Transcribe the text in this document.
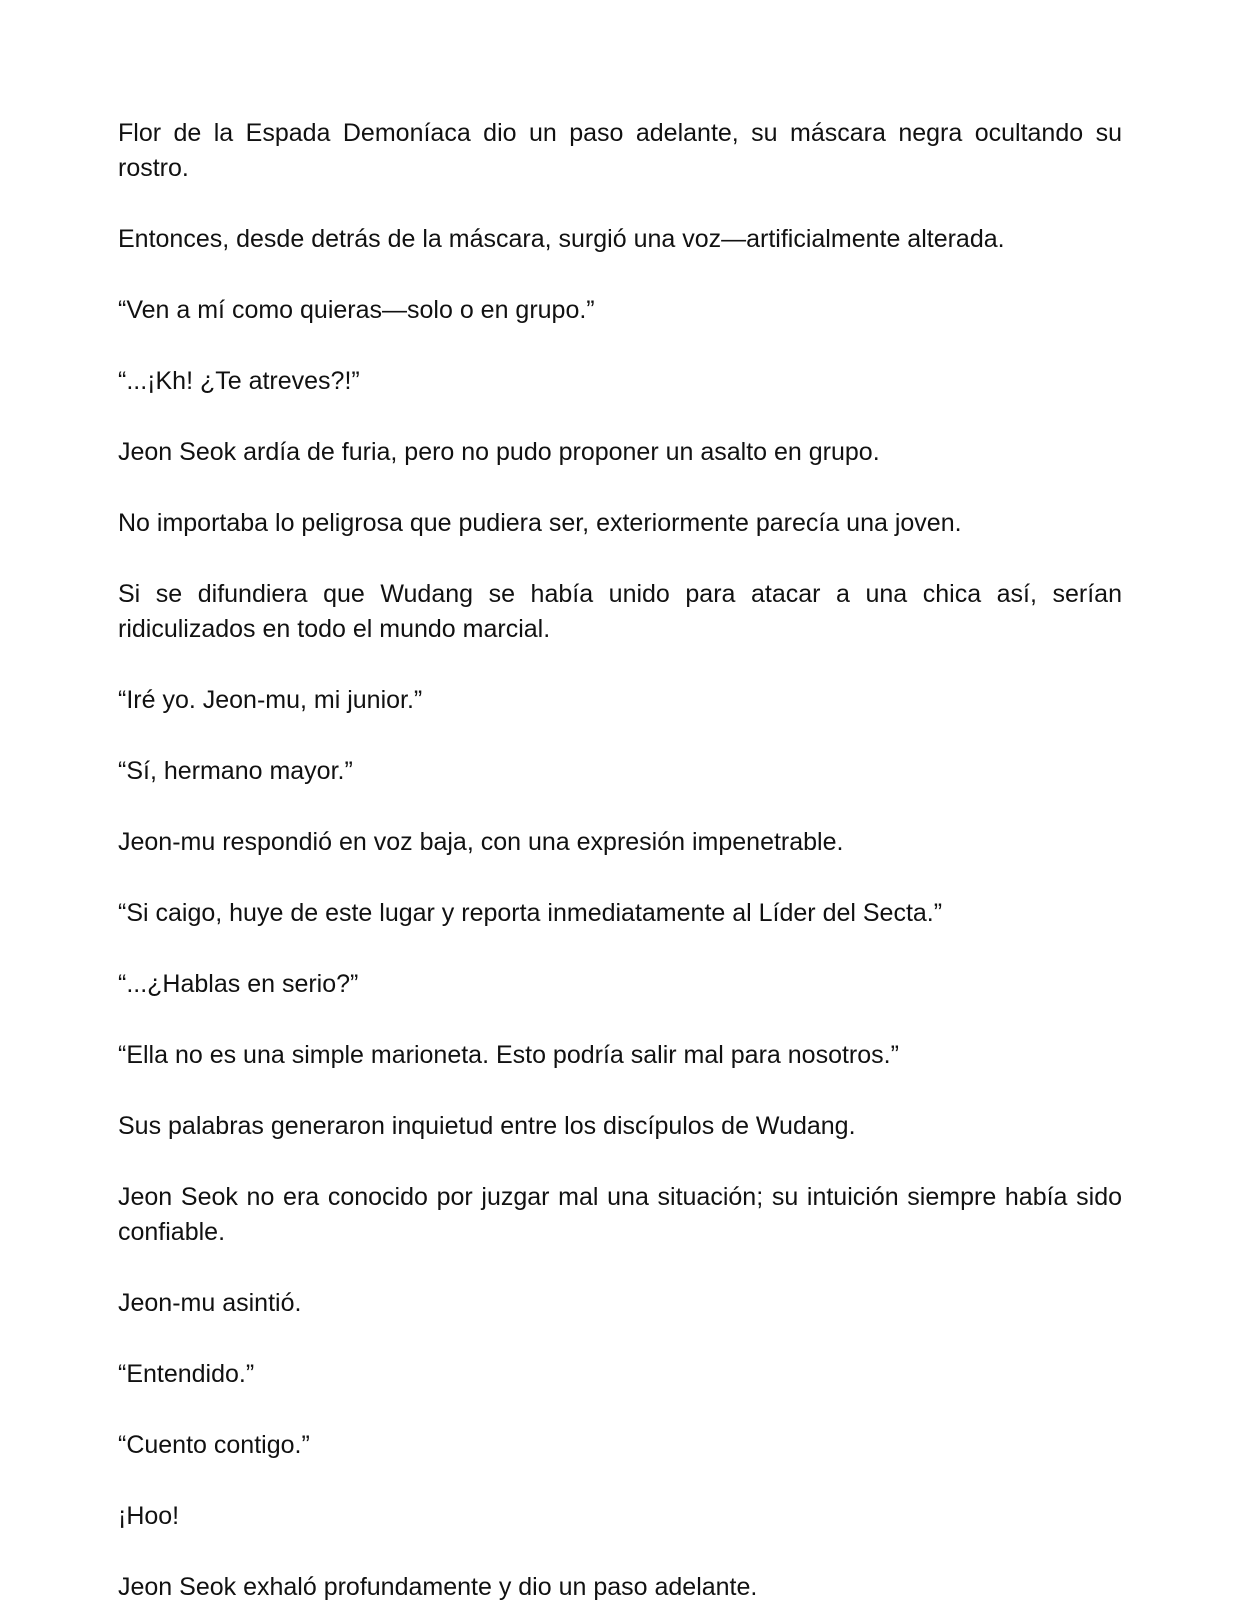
Flor de la Espada Demoníaca dio un paso adelante, su máscara negra ocultando su rostro.

Entonces, desde detrás de la máscara, surgió una voz—artificialmente alterada.

“Ven a mí como quieras—solo o en grupo.”

“...¡Kh! ¿Te atreves?!”

Jeon Seok ardía de furia, pero no pudo proponer un asalto en grupo.

No importaba lo peligrosa que pudiera ser, exteriormente parecía una joven.

Si se difundiera que Wudang se había unido para atacar a una chica así, serían ridiculizados en todo el mundo marcial.

“Iré yo. Jeon-mu, mi junior.”

“Sí, hermano mayor.”

Jeon-mu respondió en voz baja, con una expresión impenetrable.

“Si caigo, huye de este lugar y reporta inmediatamente al Líder del Secta.”

“...¿Hablas en serio?”

“Ella no es una simple marioneta. Esto podría salir mal para nosotros.”

Sus palabras generaron inquietud entre los discípulos de Wudang.

Jeon Seok no era conocido por juzgar mal una situación; su intuición siempre había sido confiable.

Jeon-mu asintió.

“Entendido.”

“Cuento contigo.”

¡Hoo!

Jeon Seok exhaló profundamente y dio un paso adelante.
